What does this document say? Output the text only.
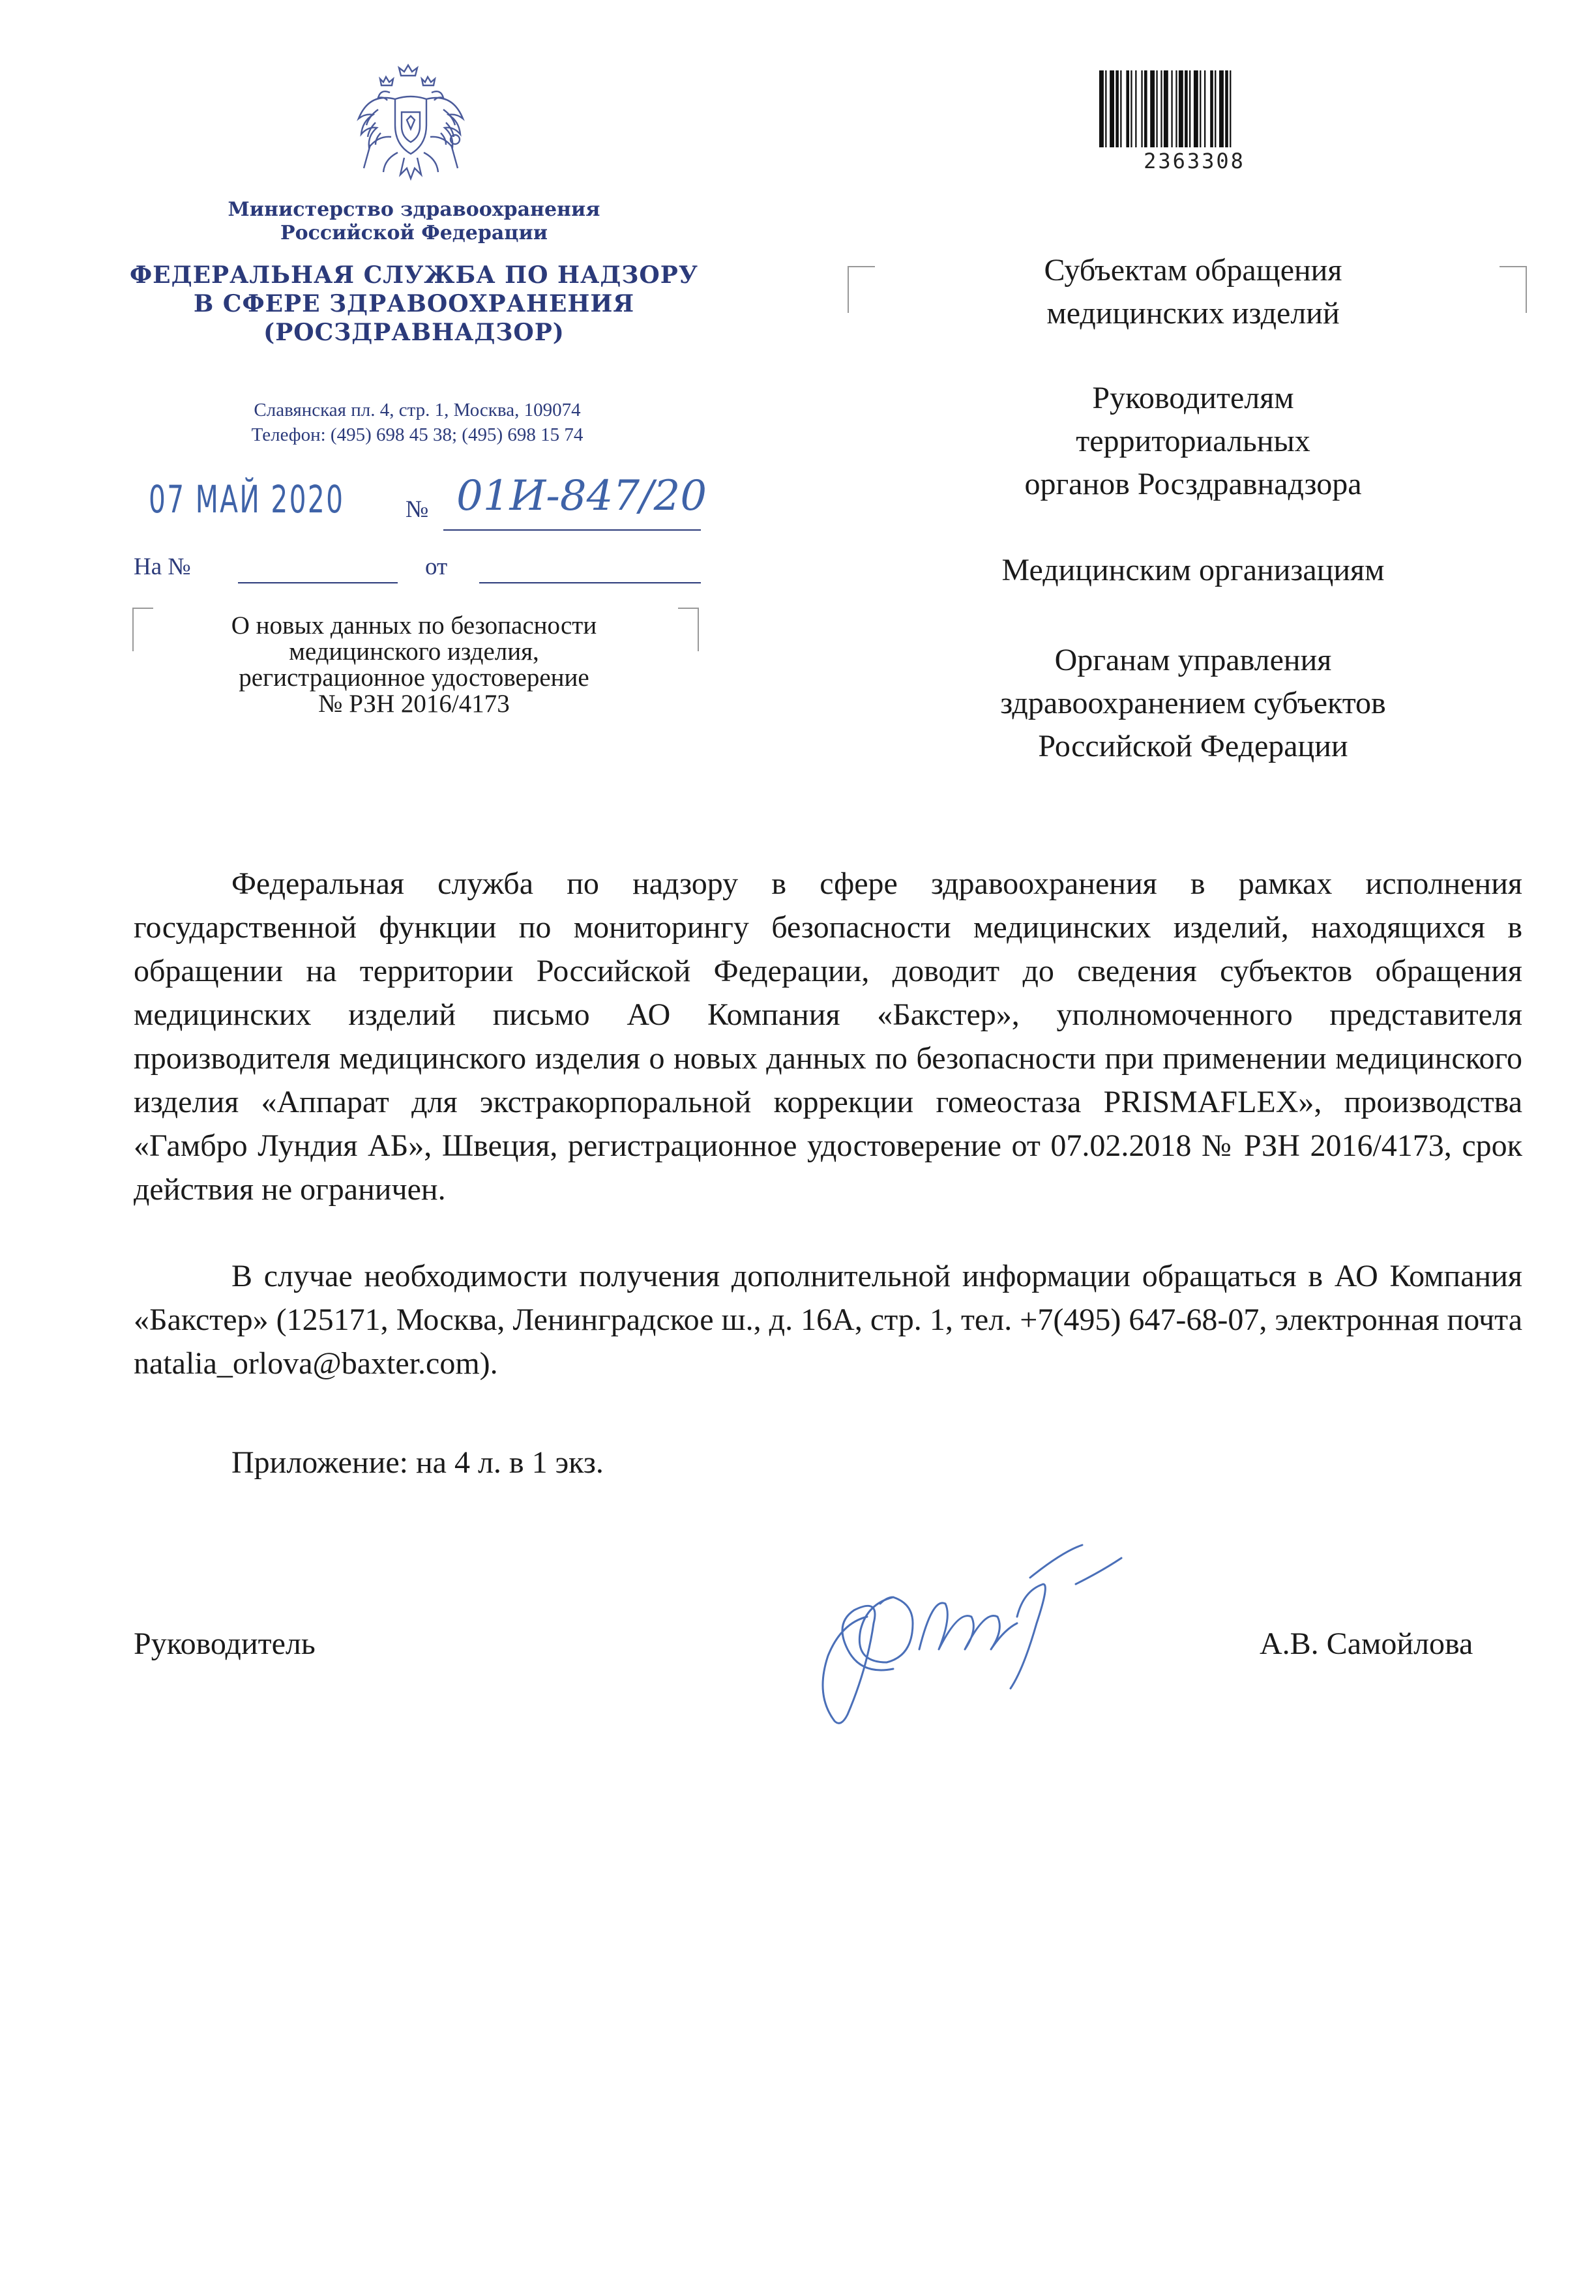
Министерство здравоохранения
Российской Федерации
ФЕДЕРАЛЬНАЯ СЛУЖБА ПО НАДЗОРУ
В СФЕРЕ ЗДРАВООХРАНЕНИЯ
(РОСЗДРАВНАДЗОР)
Славянская пл. 4, стр. 1, Москва, 109074
Телефон: (495) 698 45 38; (495) 698 15 74
07 МАЙ 2020	№ 01И-847/20
На №	от
О новых данных по безопасности
медицинского изделия,
регистрационное удостоверение
№ РЗН 2016/4173
2363308
Субъектам обращения
медицинских изделий
Руководителям
территориальных
органов Росздравнадзора
Медицинским организациям
Органам управления
здравоохранением субъектов
Российской Федерации
Федеральная служба по надзору в сфере здравоохранения в рамках исполнения государственной функции по мониторингу безопасности медицинских изделий, находящихся в обращении на территории Российской Федерации, доводит до сведения субъектов обращения медицинских изделий письмо АО Компания «Бакстер», уполномоченного представителя производителя медицинского изделия о новых данных по безопасности при применении медицинского изделия «Аппарат для экстракорпоральной коррекции гомеостаза PRISMAFLEX», производства «Гамбро Лундия АБ», Швеция, регистрационное удостоверение от 07.02.2018 № РЗН 2016/4173, срок действия не ограничен.
В случае необходимости получения дополнительной информации обращаться в АО Компания «Бакстер» (125171, Москва, Ленинградское ш., д. 16А, стр. 1, тел. +7(495) 647-68-07, электронная почта natalia_orlova@baxter.com).
Приложение: на 4 л. в 1 экз.
Руководитель	А.В. Самойлова
